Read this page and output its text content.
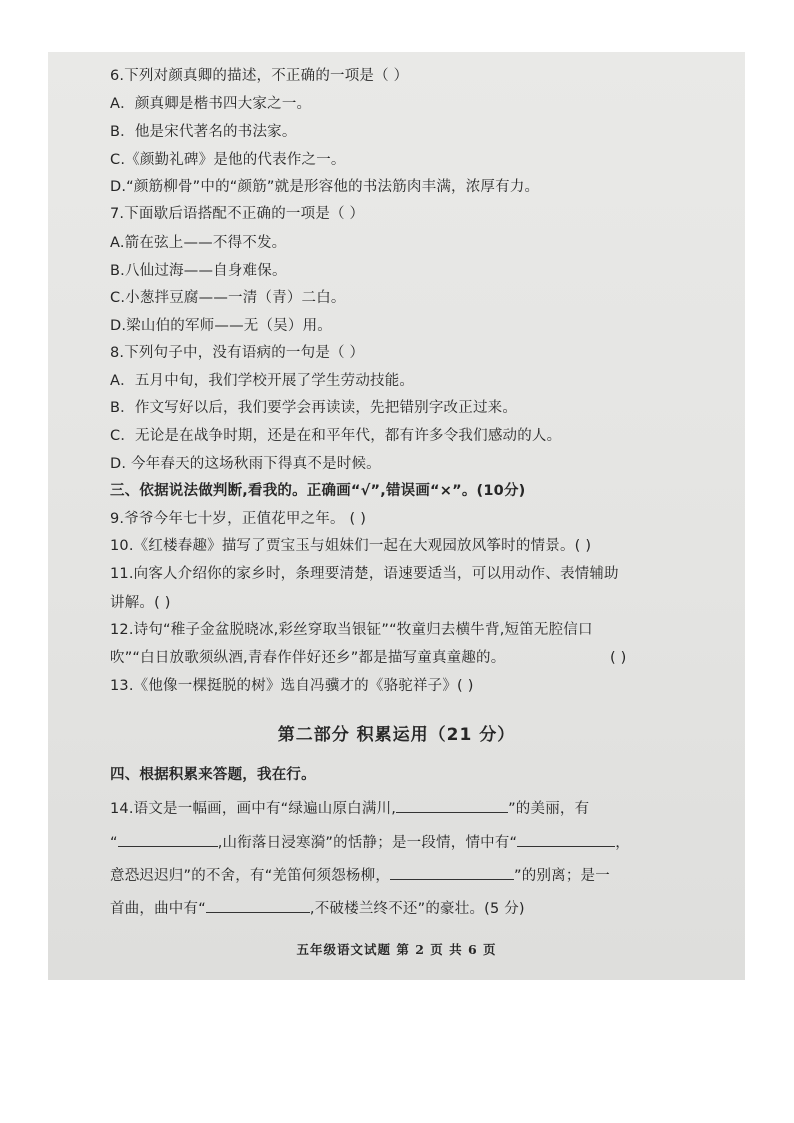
6.下列对颜真卿的描述，不正确的一项是（ ）
A．颜真卿是楷书四大家之一。
B．他是宋代著名的书法家。
C.《颜勤礼碑》是他的代表作之一。
D.“颜筋柳骨”中的“颜筋”就是形容他的书法筋肉丰满，浓厚有力。
7.下面歇后语搭配不正确的一项是（ ）
A.箭在弦上——不得不发。
B.八仙过海——自身难保。
C.小葱拌豆腐——一清（青）二白。
D.梁山伯的军师——无（吴）用。
8.下列句子中，没有语病的一句是（ ）
A．五月中旬，我们学校开展了学生劳动技能。
B．作文写好以后，我们要学会再读读，先把错别字改正过来。
C．无论是在战争时期，还是在和平年代，都有许多令我们感动的人。
D. 今年春天的这场秋雨下得真不是时候。
三、依据说法做判断,看我的。正确画“√”,错误画“×”。(10分)
9.爷爷今年七十岁，正值花甲之年。 ( )
10.《红楼春趣》描写了贾宝玉与姐妹们一起在大观园放风筝时的情景。( )
11.向客人介绍你的家乡时，条理要清楚，语速要适当，可以用动作、表情辅助
讲解。( )
12.诗句“稚子金盆脱晓冰,彩丝穿取当银钲”“牧童归去横牛背,短笛无腔信口
吹”“白日放歌须纵酒,青春作伴好还乡”都是描写童真童趣的。	( )
13.《他像一棵挺脱的树》选自冯骥才的《骆驼祥子》( )
第二部分 积累运用（21 分）
四、根据积累来答题，我在行。
14.语文是一幅画，画中有“绿遍山原白满川,	”的美丽，有
“	,山衔落日浸寒漪”的恬静；是一段情，情中有“	，
意恐迟迟归”的不舍，有“羌笛何须怨杨柳，	”的别离；是一
首曲，曲中有“	,不破楼兰终不还”的豪壮。(5 分)
五年级语文试题 第 2 页 共 6 页
